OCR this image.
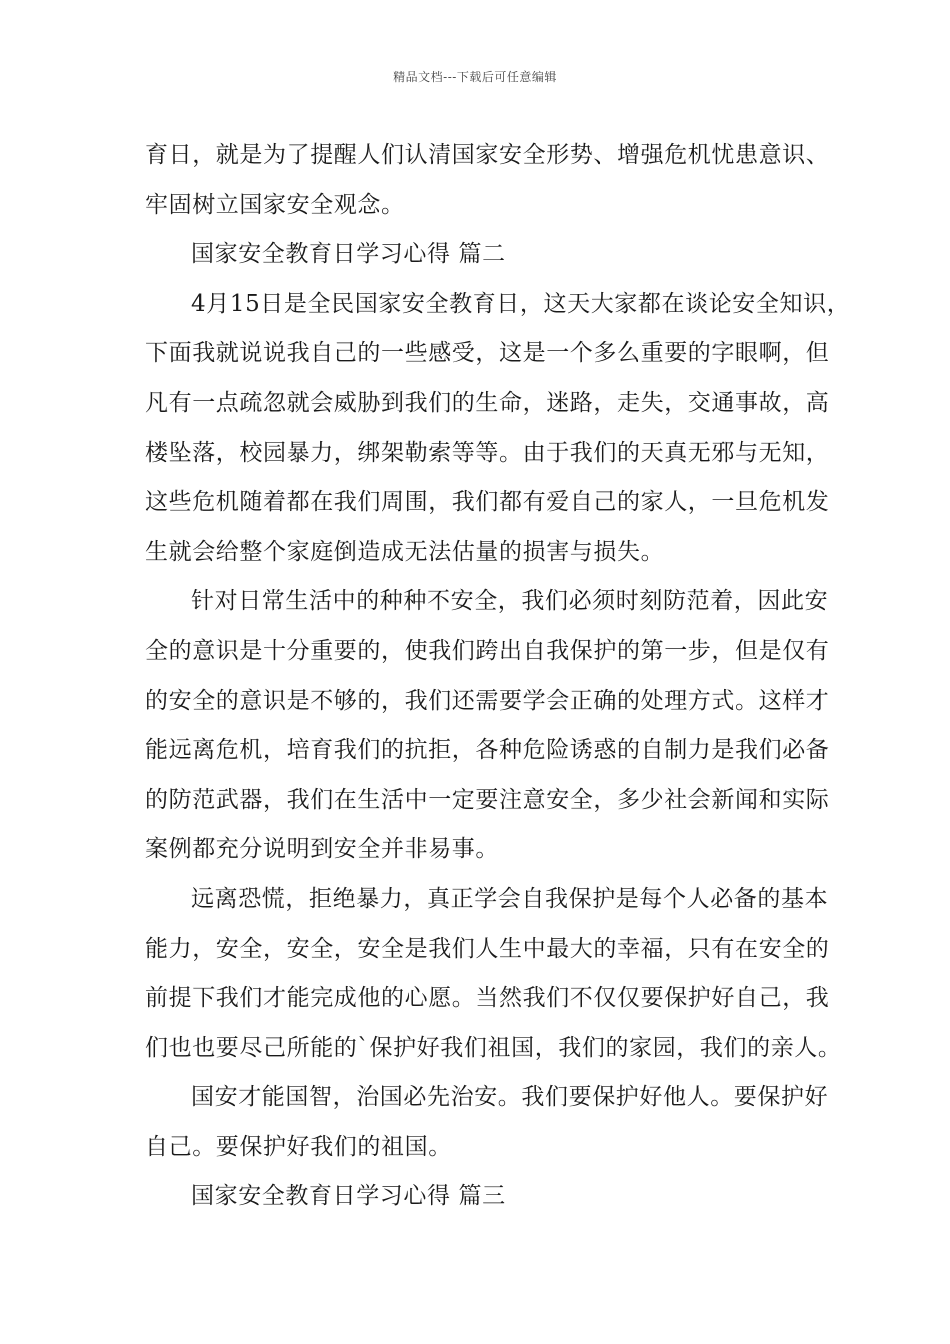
精品文档---下载后可任意编辑
育日，就是为了提醒人们认清国家安全形势、增强危机忧患意识、
牢固树立国家安全观念。
国家安全教育日学习心得 篇二
4月15日是全民国家安全教育日，这天大家都在谈论安全知识，
下面我就说说我自己的一些感受，这是一个多么重要的字眼啊，但
凡有一点疏忽就会威胁到我们的生命，迷路，走失，交通事故，高
楼坠落，校园暴力，绑架勒索等等。由于我们的天真无邪与无知，
这些危机随着都在我们周围，我们都有爱自己的家人，一旦危机发
生就会给整个家庭倒造成无法估量的损害与损失。
针对日常生活中的种种不安全，我们必须时刻防范着，因此安
全的意识是十分重要的，使我们跨出自我保护的第一步，但是仅有
的安全的意识是不够的，我们还需要学会正确的处理方式。这样才
能远离危机，培育我们的抗拒，各种危险诱惑的自制力是我们必备
的防范武器，我们在生活中一定要注意安全，多少社会新闻和实际
案例都充分说明到安全并非易事。
远离恐慌，拒绝暴力，真正学会自我保护是每个人必备的基本
能力，安全，安全，安全是我们人生中最大的幸福，只有在安全的
前提下我们才能完成他的心愿。当然我们不仅仅要保护好自己，我
们也也要尽己所能的`保护好我们祖国，我们的家园，我们的亲人。
国安才能国智，治国必先治安。我们要保护好他人。要保护好
自己。要保护好我们的祖国。
国家安全教育日学习心得 篇三
